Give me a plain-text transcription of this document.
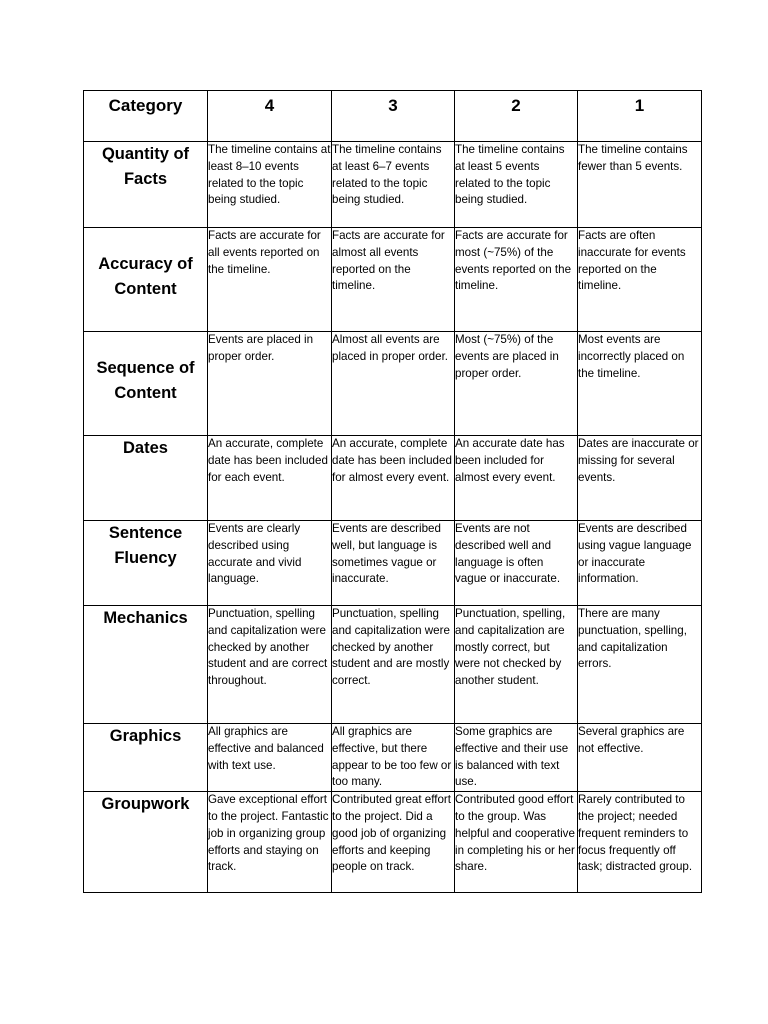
Category	4	3	2	1
Quantity of Facts	The timeline contains at least 8–10 events related to the topic being studied.	The timeline contains at least 6–7 events related to the topic being studied.	The timeline contains at least 5 events related to the topic being studied.	The timeline contains fewer than 5 events.
Accuracy of Content	Facts are accurate for all events reported on the timeline.	Facts are accurate for almost all events reported on the timeline.	Facts are accurate for most (~75%) of the events reported on the timeline.	Facts are often inaccurate for events reported on the timeline.
Sequence of Content	Events are placed in proper order.	Almost all events are placed in proper order.	Most (~75%) of the events are placed in proper order.	Most events are incorrectly placed on the timeline.
Dates	An accurate, complete date has been included for each event.	An accurate, complete date has been included for almost every event.	An accurate date has been included for almost every event.	Dates are inaccurate or missing for several events.
Sentence Fluency	Events are clearly described using accurate and vivid language.	Events are described well, but language is sometimes vague or inaccurate.	Events are not described well and language is often vague or inaccurate.	Events are described using vague language or inaccurate information.
Mechanics	Punctuation, spelling and capitalization were checked by another student and are correct throughout.	Punctuation, spelling and capitalization were checked by another student and are mostly correct.	Punctuation, spelling, and capitalization are mostly correct, but were not checked by another student.	There are many punctuation, spelling, and capitalization errors.
Graphics	All graphics are effective and balanced with text use.	All graphics are effective, but there appear to be too few or too many.	Some graphics are effective and their use is balanced with text use.	Several graphics are not effective.
Groupwork	Gave exceptional effort to the project. Fantastic job in organizing group efforts and staying on track.	Contributed great effort to the project. Did a good job of organizing efforts and keeping people on track.	Contributed good effort to the group. Was helpful and cooperative in completing his or her share.	Rarely contributed to the project; needed frequent reminders to focus frequently off task; distracted group.
